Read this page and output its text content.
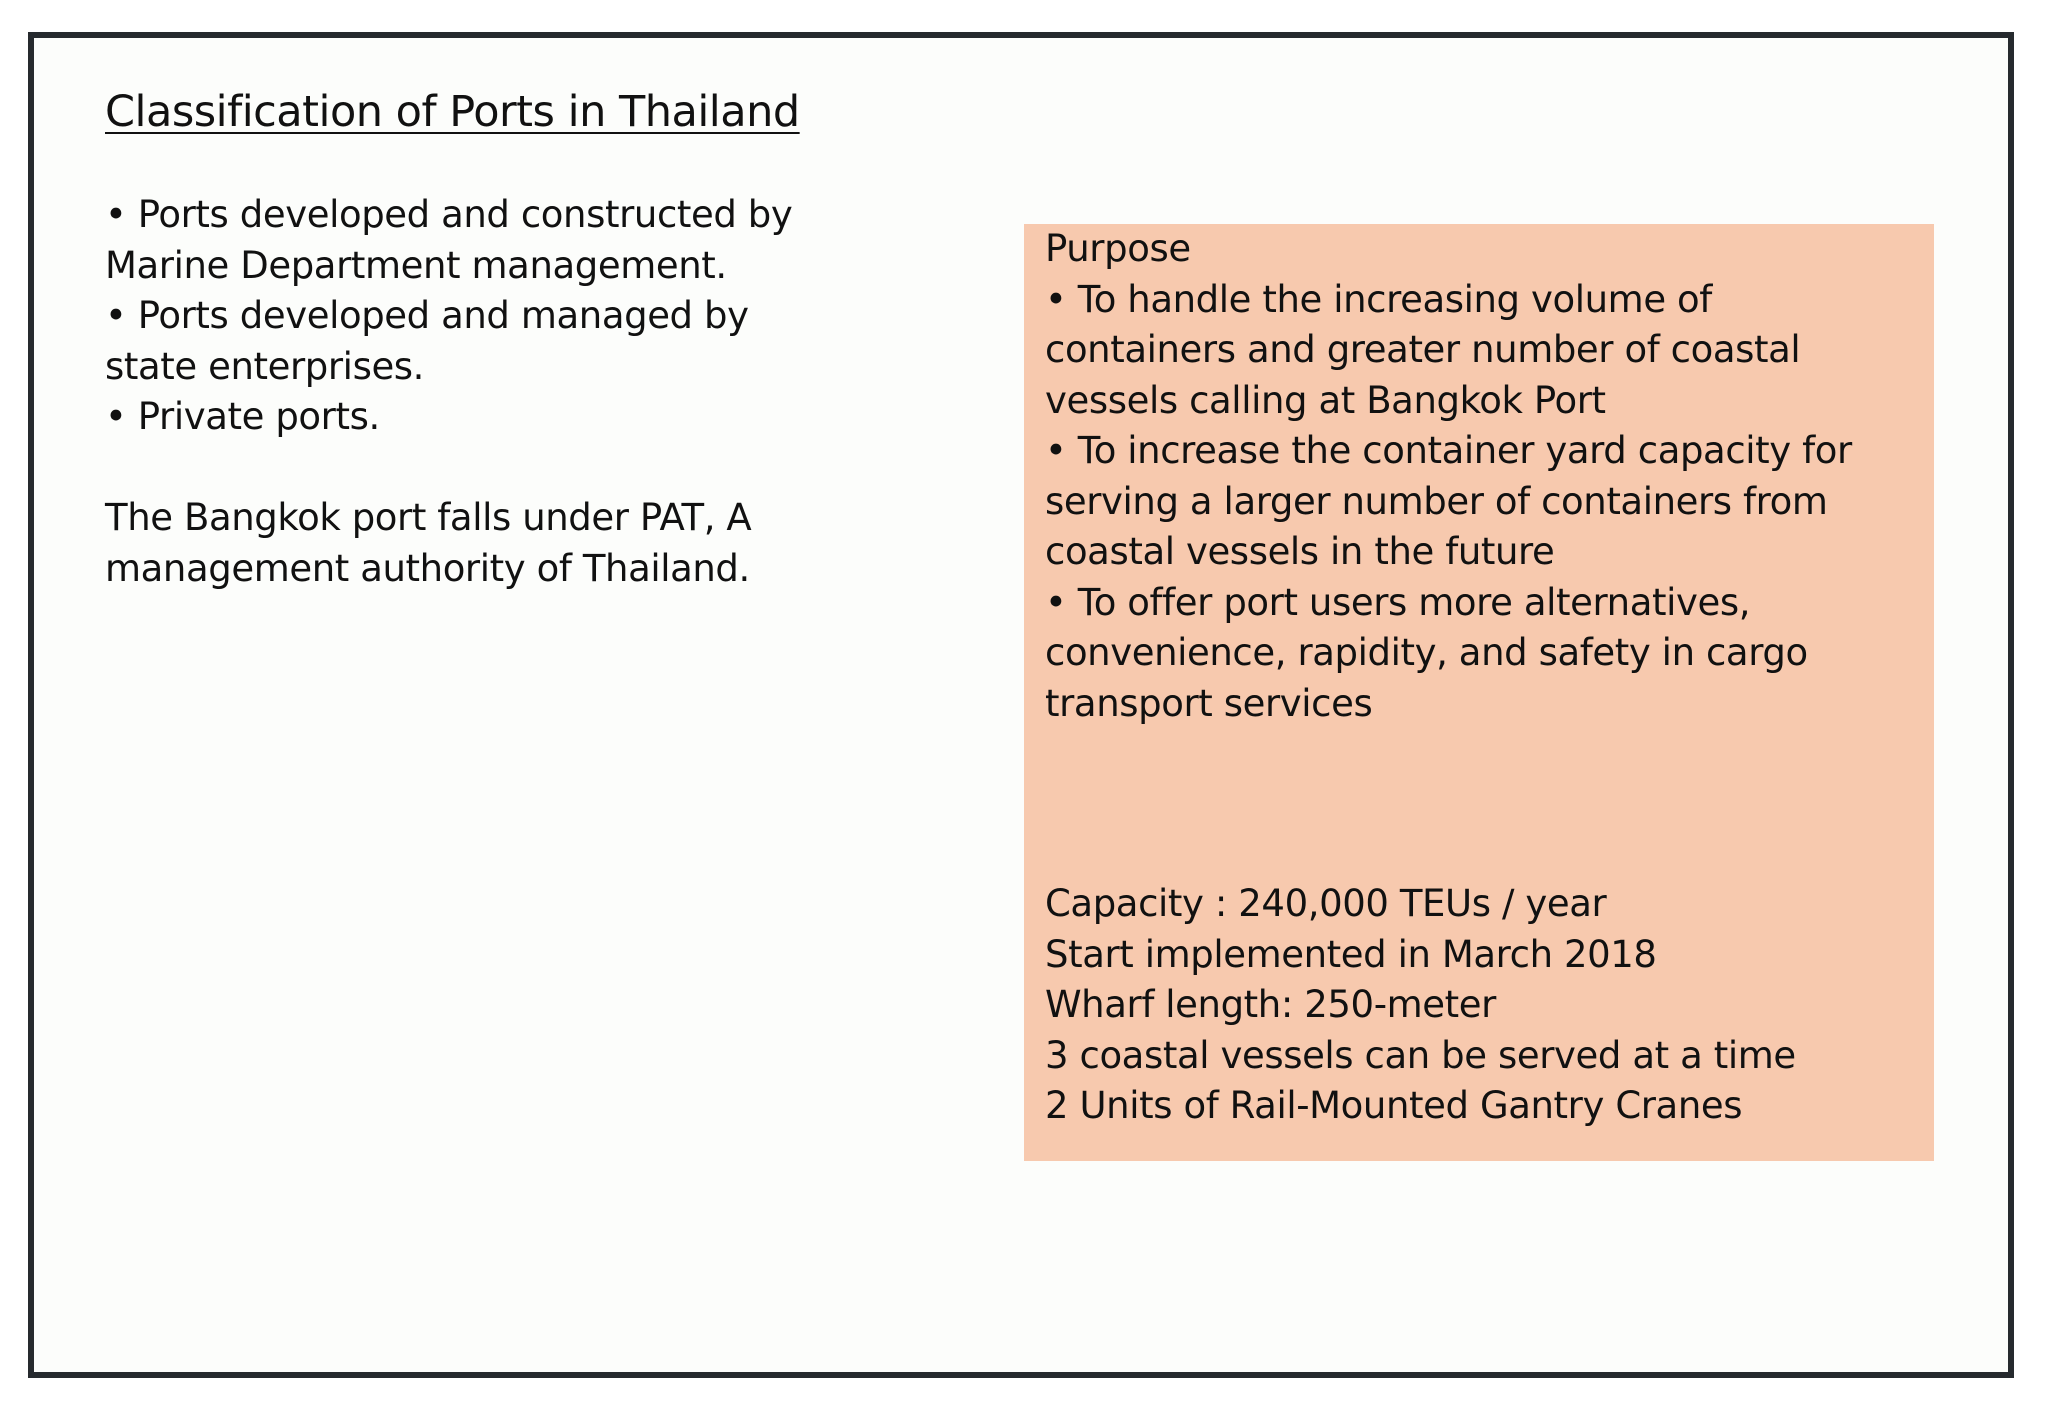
Classification of Ports in Thailand
• Ports developed and constructed by
Marine Department management.
• Ports developed and managed by
state enterprises.
• Private ports.
The Bangkok port falls under PAT, A
management authority of Thailand.
Purpose
• To handle the increasing volume of
containers and greater number of coastal
vessels calling at Bangkok Port
• To increase the container yard capacity for
serving a larger number of containers from
coastal vessels in the future
• To offer port users more alternatives,
convenience, rapidity, and safety in cargo
transport services
Capacity : 240,000 TEUs / year
Start implemented in March 2018
Wharf length: 250-meter
3 coastal vessels can be served at a time
2 Units of Rail-Mounted Gantry Cranes
